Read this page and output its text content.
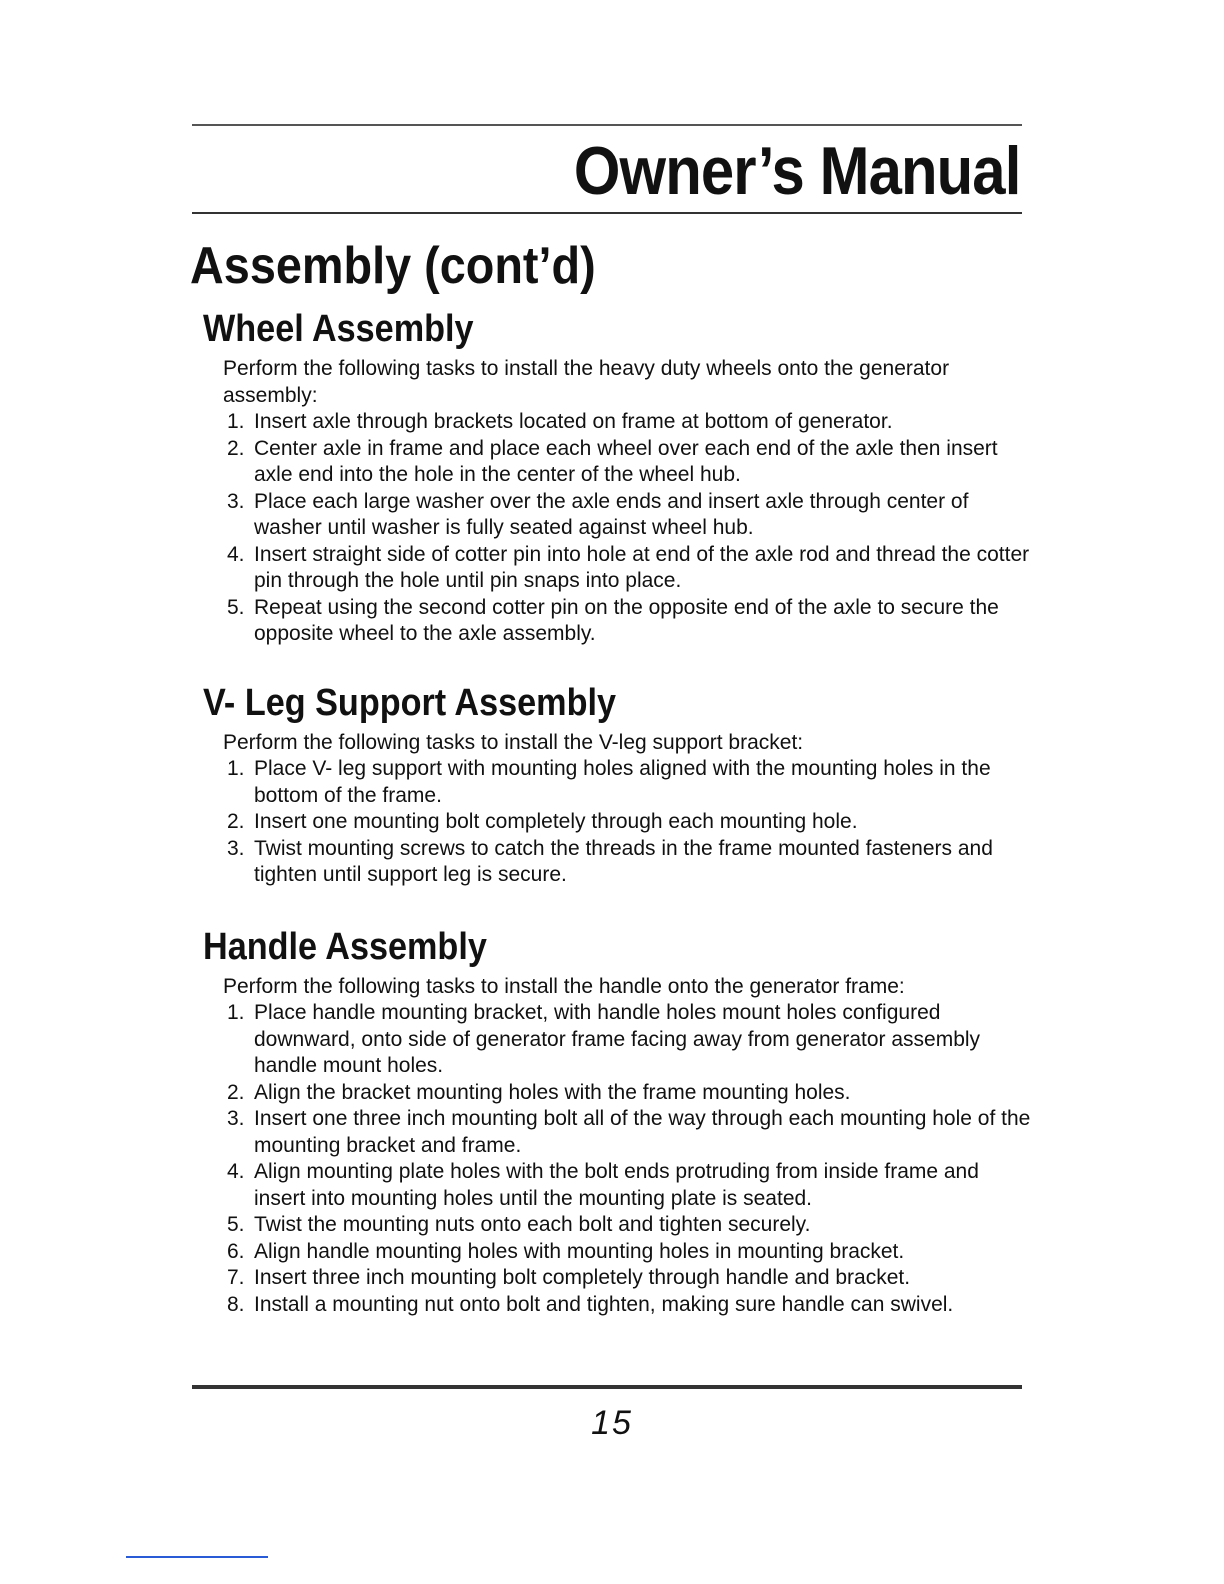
Owner’s Manual
Assembly (cont’d)
Wheel Assembly

Perform the following tasks to install the heavy duty wheels onto the generator assembly:

1. Insert axle through brackets located on frame at bottom of generator.
2. Center axle in frame and place each wheel over each end of the axle then insert axle end into the hole in the center of the wheel hub.
3. Place each large washer over the axle ends and insert axle through center of washer until washer is fully seated against wheel hub.
4. Insert straight side of cotter pin into hole at end of the axle rod and thread the cotter pin through the hole until pin snaps into place.
5. Repeat using the second cotter pin on the opposite end of the axle to secure the opposite wheel to the axle assembly.
V- Leg Support Assembly

Perform the following tasks to install the V-leg support bracket:

1. Place V- leg support with mounting holes aligned with the mounting holes in the bottom of the frame.
2. Insert one mounting bolt completely through each mounting hole.
3. Twist mounting screws to catch the threads in the frame mounted fasteners and tighten until support leg is secure.
Handle Assembly

Perform the following tasks to install the handle onto the generator frame:

1. Place handle mounting bracket, with handle holes mount holes configured downward, onto side of generator frame facing away from generator assembly handle mount holes.
2. Align the bracket mounting holes with the frame mounting holes.
3. Insert one three inch mounting bolt all of the way through each mounting hole of the mounting bracket and frame.
4. Align mounting plate holes with the bolt ends protruding from inside frame and insert into mounting holes until the mounting plate is seated.
5. Twist the mounting nuts onto each bolt and tighten securely.
6. Align handle mounting holes with mounting holes in mounting bracket.
7. Insert three inch mounting bolt completely through handle and bracket.
8. Install a mounting nut onto bolt and tighten, making sure handle can swivel.
15
